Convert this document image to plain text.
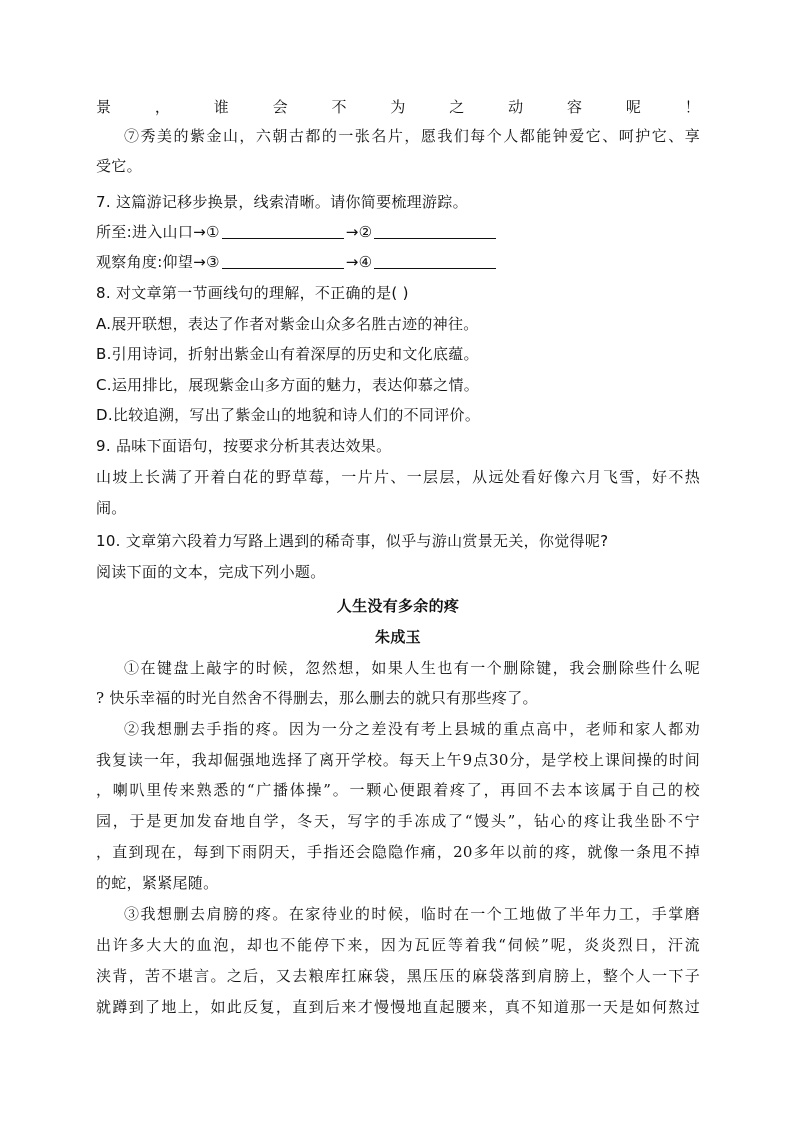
景，谁会不为之动容呢！
⑦秀美的紫金山，六朝古都的一张名片，愿我们每个人都能钟爱它、呵护它、享
受它。
7. 这篇游记移步换景，线索清晰。请你简要梳理游踪。
所至:进入山口→①	→②
观察角度:仰望→③	→④
8. 对文章第一节画线句的理解，不正确的是( )
A.展开联想，表达了作者对紫金山众多名胜古迹的神往。
B.引用诗词，折射出紫金山有着深厚的历史和文化底蕴。
C.运用排比，展现紫金山多方面的魅力，表达仰慕之情。
D.比较追溯，写出了紫金山的地貌和诗人们的不同评价。
9. 品味下面语句，按要求分析其表达效果。
山坡上长满了开着白花的野草莓，一片片、一层层，从远处看好像六月飞雪，好不热
闹。
10. 文章第六段着力写路上遇到的稀奇事，似乎与游山赏景无关，你觉得呢?
阅读下面的文本，完成下列小题。
人生没有多余的疼
朱成玉
①在键盘上敲字的时候，忽然想，如果人生也有一个删除键，我会删除些什么呢
? 快乐幸福的时光自然舍不得删去，那么删去的就只有那些疼了。
②我想删去手指的疼。因为一分之差没有考上县城的重点高中，老师和家人都劝
我复读一年，我却倔强地选择了离开学校。每天上午9点30分，是学校上课间操的时间
，喇叭里传来熟悉的“广播体操”。一颗心便跟着疼了，再回不去本该属于自己的校
园，于是更加发奋地自学，冬天，写字的手冻成了“馒头”，钻心的疼让我坐卧不宁
，直到现在，每到下雨阴天，手指还会隐隐作痛，20多年以前的疼，就像一条甩不掉
的蛇，紧紧尾随。
③我想删去肩膀的疼。在家待业的时候，临时在一个工地做了半年力工，手掌磨
出许多大大的血泡，却也不能停下来，因为瓦匠等着我“伺候”呢，炎炎烈日，汗流
浃背，苦不堪言。之后，又去粮库扛麻袋，黑压压的麻袋落到肩膀上，整个人一下子
就蹲到了地上，如此反复，直到后来才慢慢地直起腰来，真不知道那一天是如何熬过
